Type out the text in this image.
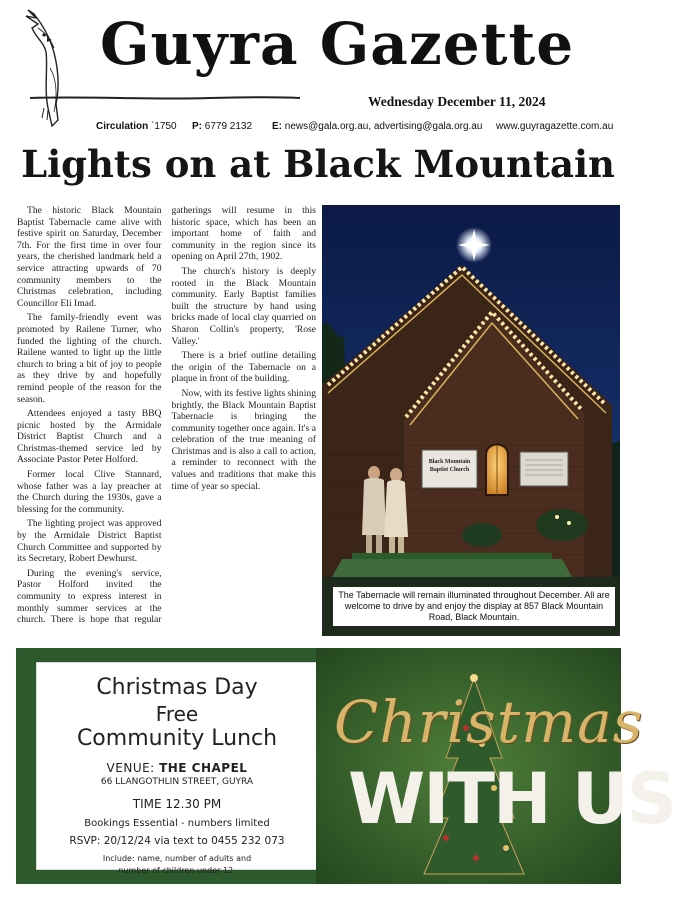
Guyra Gazette
Wednesday December 11, 2024
Circulation `1750 P: 6779 2132 E: news@gala.org.au, advertising@gala.org.au www.guyragazette.com.au
Lights on at Black Mountain

The historic Black Mountain Baptist Tabernacle came alive with festive spirit on Saturday, December 7th. For the first time in over four years, the cherished landmark held a service attracting upwards of 70 community members to the Christmas celebration, including Councillor Eli Imad.

The family-friendly event was promoted by Railene Turner, who funded the lighting of the church. Railene wanted to light up the little church to bring a bit of joy to people as they drive by and hopefully remind people of the reason for the season.

Attendees enjoyed a tasty BBQ picnic hosted by the Armidale District Baptist Church and a Christmas-themed service led by Associate Pastor Peter Holford.

Former local Clive Stannard, whose father was a lay preacher at the Church during the 1930s, gave a blessing for the community.

The lighting project was approved by the Armidale District Baptist Church Committee and supported by its Secretary, Robert Dewhurst.

During the evening's service, Pastor Holford invited the community to express interest in monthly summer services at the church. There is hope that regular gatherings will resume in this historic space, which has been an important home of faith and community in the region since its opening on April 27th, 1902.

The church's history is deeply rooted in the Black Mountain community. Early Baptist families built the structure by hand using bricks made of local clay quarried on Sharon Collin's property, 'Rose Valley.'

There is a brief outline detailing the origin of the Tabernacle on a plaque in front of the building.

Now, with its festive lights shining brightly, the Black Mountain Baptist Tabernacle is bringing the community together once again. It's a celebration of the true meaning of Christmas and is also a call to action, a reminder to reconnect with the values and traditions that make this time of year so special.

Black Mountain
Baptist Church
The Tabernacle will remain illuminated throughout December. All are welcome to drive by and enjoy the display at 857 Black Mountain Road, Black Mountain.
Christmas Day
Free
Community Lunch
VENUE: THE CHAPEL
66 LLANGOTHLIN STREET, GUYRA
TIME 12.30 PM
Bookings Essential - numbers limited
RSVP: 20/12/24 via text to 0455 232 073
Include: name, number of adults and
number of children under 12.
Christmas
WITH US
